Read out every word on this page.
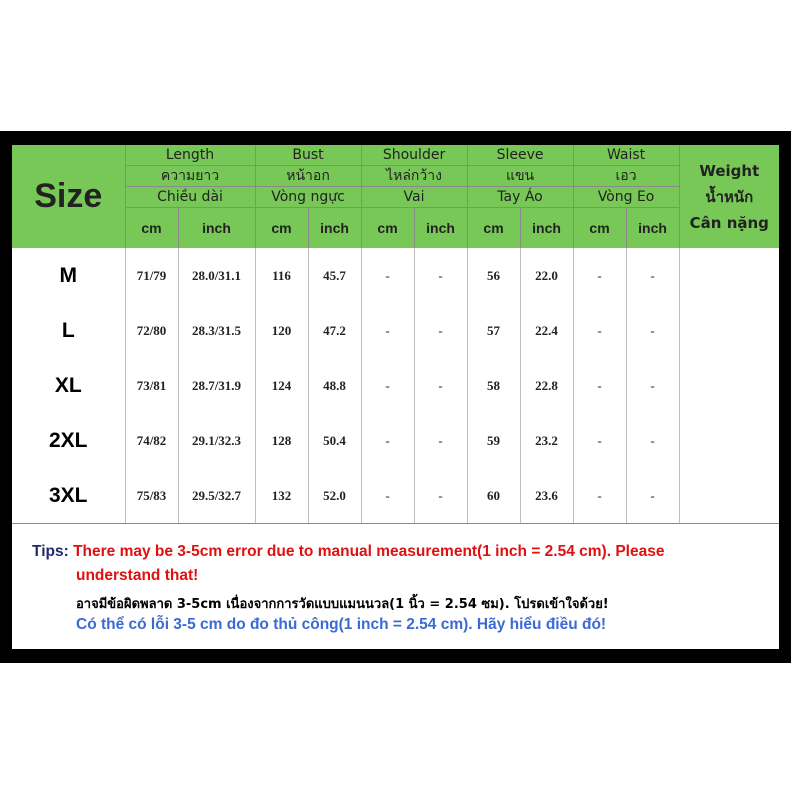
Size	Length		Bust		Shoulder		Sleeve		Waist		Weight
น้ำหนัก
Cân nặng

	ความยาว		หน้าอก		ไหล่กว้าง		แขน		เอว		
	Chiều dài		Vòng ngực		Vai		Tay Áo		Vòng Eo		
	cm	inch	cm	inch	cm	inch	cm	inch	cm	inch	
M	71/79	28.0/31.1	116	45.7	-	-	56	22.0	-	-	
L	72/80	28.3/31.5	120	47.2	-	-	57	22.4	-	-	
XL	73/81	28.7/31.9	124	48.8	-	-	58	22.8	-	-	
2XL	74/82	29.1/32.3	128	50.4	-	-	59	23.2	-	-	
3XL	75/83	29.5/32.7	132	52.0	-	-	60	23.6	-	-	
Tips: There may be 3-5cm error due to manual measurement(1 inch = 2.54 cm). Please
understand that!
อาจมีข้อผิดพลาด 3-5cm เนื่องจากการวัดแบบแมนนวล(1 นิ้ว = 2.54 ซม). โปรดเข้าใจด้วย!
Có thể có lỗi 3-5 cm do đo thủ công(1 inch = 2.54 cm). Hãy hiểu điều đó!
